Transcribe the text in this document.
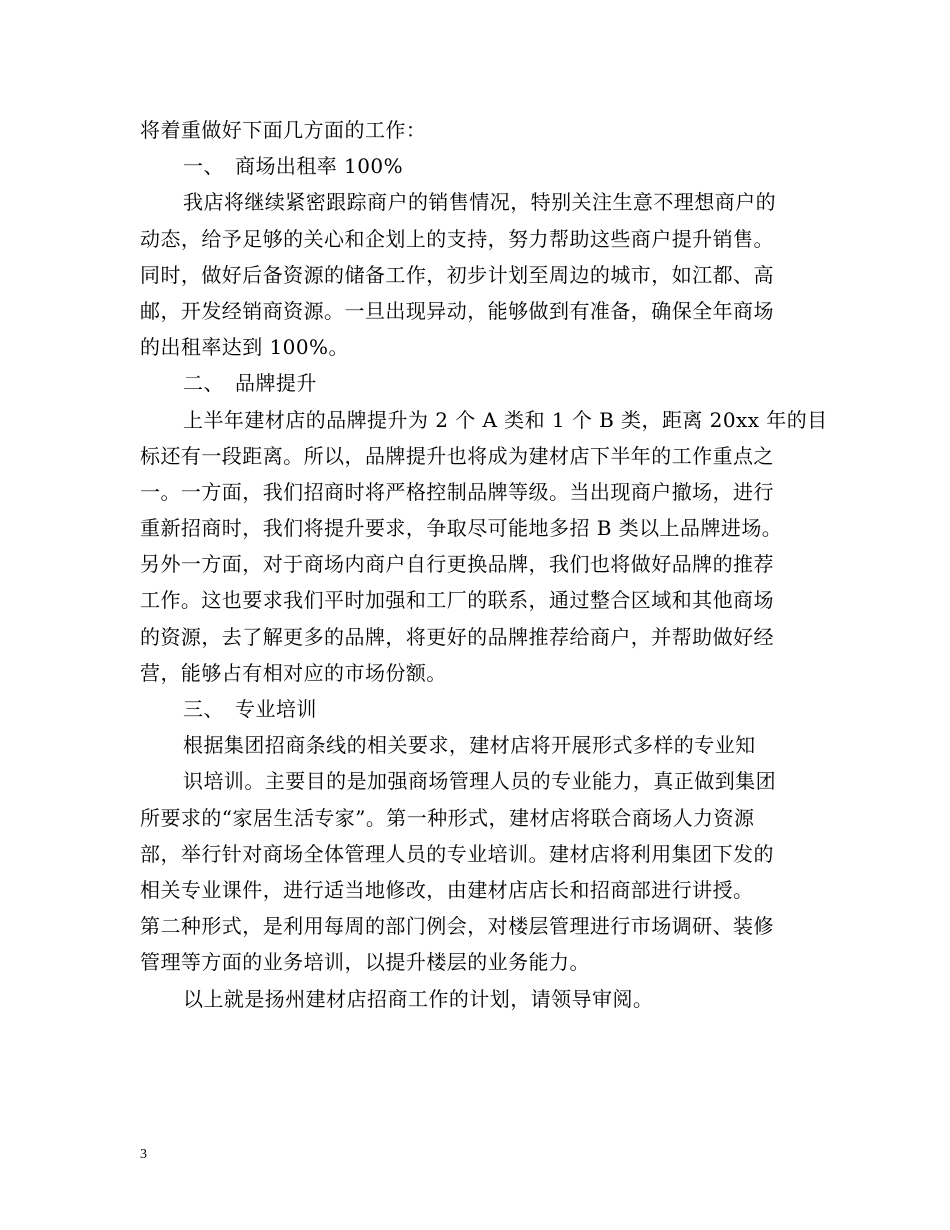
将着重做好下面几方面的工作：
一、 商场出租率 100%
我店将继续紧密跟踪商户的销售情况，特别关注生意不理想商户的
动态，给予足够的关心和企划上的支持，努力帮助这些商户提升销售。
同时，做好后备资源的储备工作，初步计划至周边的城市，如江都、高
邮，开发经销商资源。一旦出现异动，能够做到有准备，确保全年商场
的出租率达到 100%。
二、 品牌提升
上半年建材店的品牌提升为 2 个 A 类和 1 个 B 类，距离 20xx 年的目
标还有一段距离。所以，品牌提升也将成为建材店下半年的工作重点之
一。一方面，我们招商时将严格控制品牌等级。当出现商户撤场，进行
重新招商时，我们将提升要求，争取尽可能地多招 B 类以上品牌进场。
另外一方面，对于商场内商户自行更换品牌，我们也将做好品牌的推荐
工作。这也要求我们平时加强和工厂的联系，通过整合区域和其他商场
的资源，去了解更多的品牌，将更好的品牌推荐给商户，并帮助做好经
营，能够占有相对应的市场份额。
三、 专业培训
根据集团招商条线的相关要求，建材店将开展形式多样的专业知
识培训。主要目的是加强商场管理人员的专业能力，真正做到集团
所要求的“家居生活专家”。第一种形式，建材店将联合商场人力资源
部，举行针对商场全体管理人员的专业培训。建材店将利用集团下发的
相关专业课件，进行适当地修改，由建材店店长和招商部进行讲授。
第二种形式，是利用每周的部门例会，对楼层管理进行市场调研、装修
管理等方面的业务培训，以提升楼层的业务能力。
以上就是扬州建材店招商工作的计划，请领导审阅。
3
